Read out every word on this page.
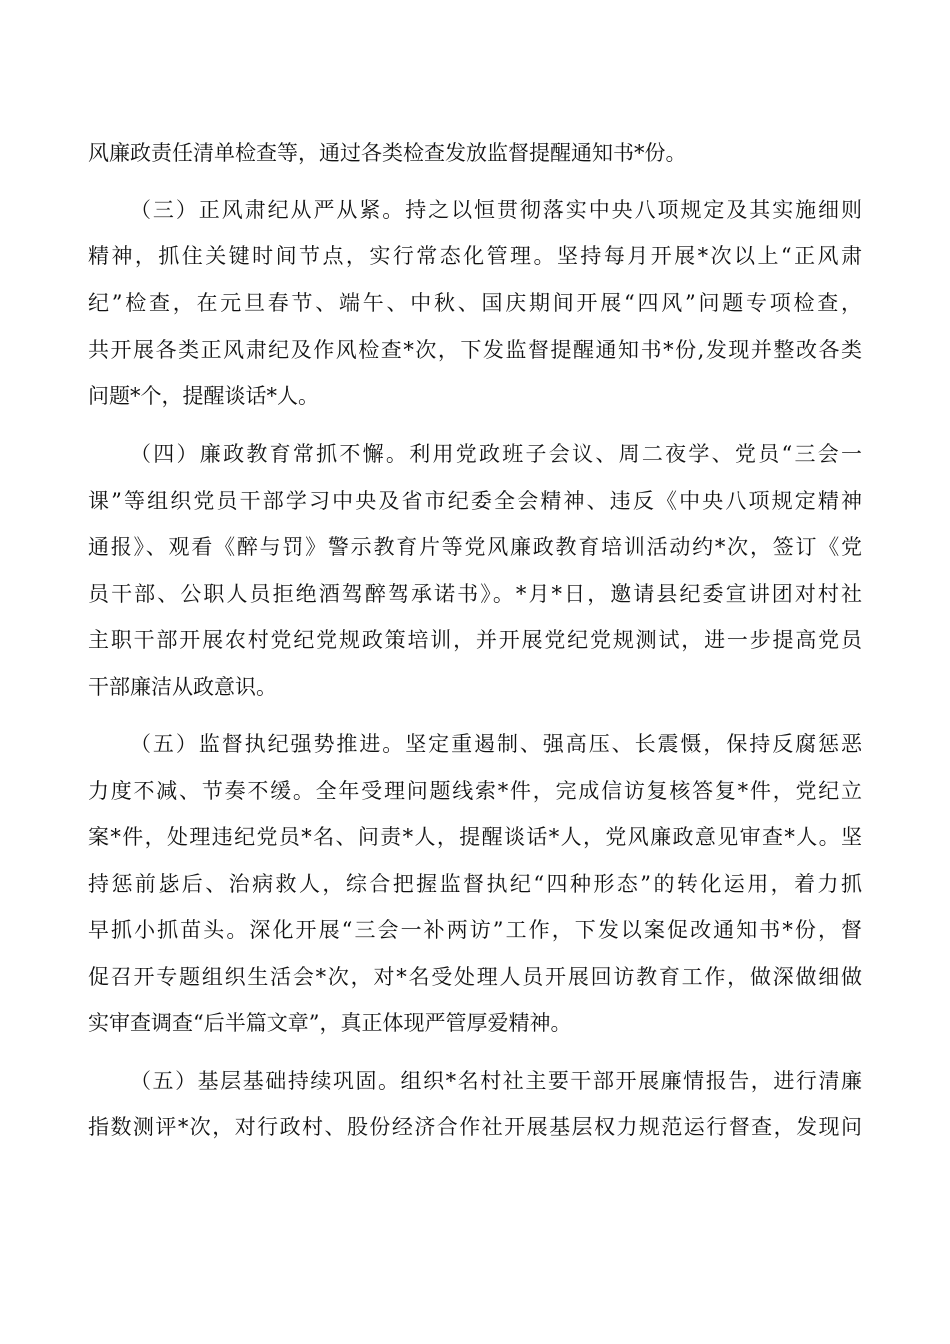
风廉政责任清单检查等，通过各类检查发放监督提醒通知书*份。
（三）正风肃纪从严从紧。持之以恒贯彻落实中央八项规定及其实施细则
精神，抓住关键时间节点，实行常态化管理。坚持每月开展*次以上“正风肃
纪”检查，在元旦春节、端午、中秋、国庆期间开展“四风”问题专项检查，
共开展各类正风肃纪及作风检查*次，下发监督提醒通知书*份,发现并整改各类
问题*个，提醒谈话*人。
（四）廉政教育常抓不懈。利用党政班子会议、周二夜学、党员“三会一
课”等组织党员干部学习中央及省市纪委全会精神、违反《中央八项规定精神
通报》、观看《醉与罚》警示教育片等党风廉政教育培训活动约*次，签订《党
员干部、公职人员拒绝酒驾醉驾承诺书》。*月*日，邀请县纪委宣讲团对村社
主职干部开展农村党纪党规政策培训，并开展党纪党规测试，进一步提高党员
干部廉洁从政意识。
（五）监督执纪强势推进。坚定重遏制、强高压、长震慑，保持反腐惩恶
力度不减、节奏不缓。全年受理问题线索*件，完成信访复核答复*件，党纪立
案*件，处理违纪党员*名、问责*人，提醒谈话*人，党风廉政意见审查*人。坚
持惩前毖后、治病救人，综合把握监督执纪“四种形态”的转化运用，着力抓
早抓小抓苗头。深化开展“三会一补两访”工作，下发以案促改通知书*份，督
促召开专题组织生活会*次，对*名受处理人员开展回访教育工作，做深做细做
实审查调查“后半篇文章”，真正体现严管厚爱精神。
（五）基层基础持续巩固。组织*名村社主要干部开展廉情报告，进行清廉
指数测评*次，对行政村、股份经济合作社开展基层权力规范运行督查，发现问
